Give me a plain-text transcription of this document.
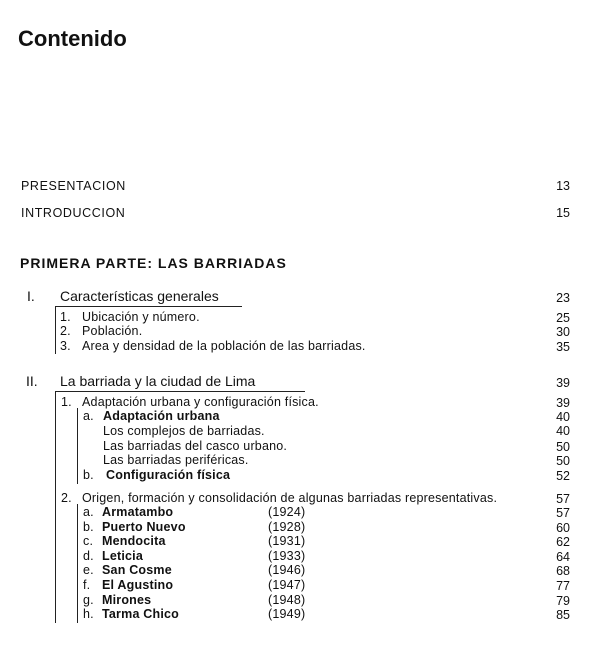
Contenido
PRESENTACION	13
INTRODUCCION	15
PRIMERA PARTE: LAS BARRIADAS
I. Características generales	23
1. Ubicación y número.	25
2. Población.	30
3. Area y densidad de la población de las barriadas.	35
II. La barriada y la ciudad de Lima	39
1. Adaptación urbana y configuración física.	39
a. Adaptación urbana	40
Los complejos de barriadas.	40
Las barriadas del casco urbano.	50
Las barriadas periféricas.	50
b. Configuración física	52
2. Origen, formación y consolidación de algunas barriadas representativas.	57
a. Armatambo	(1924)	57
b. Puerto Nuevo	(1928)	60
c. Mendocita	(1931)	62
d. Leticia	(1933)	64
e. San Cosme	(1946)	68
f. El Agustino	(1947)	77
g. Mirones	(1948)	79
h. Tarma Chico	(1949)	85
